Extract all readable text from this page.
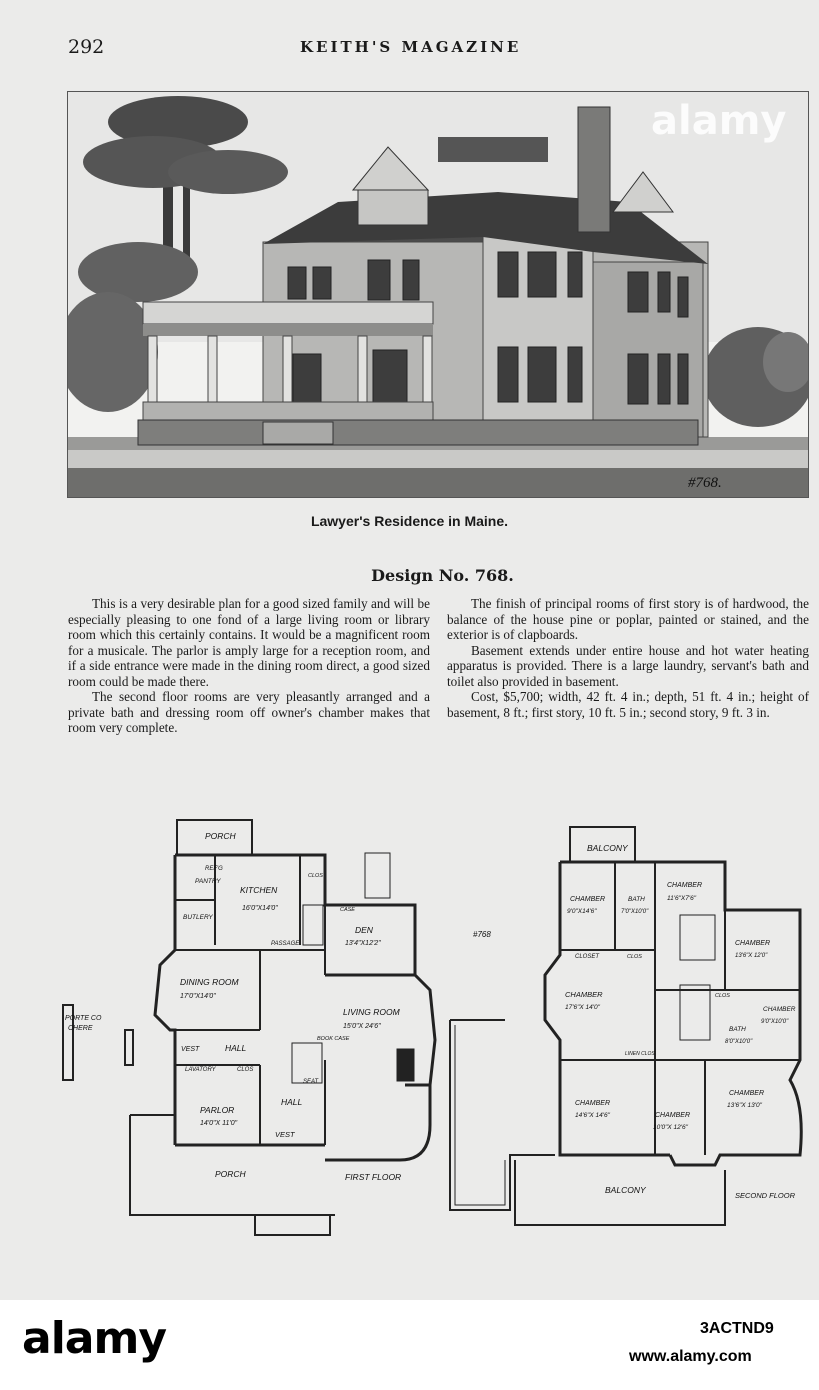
292	KEITH'S MAGAZINE
#768.
alamy
Lawyer's Residence in Maine.
Design No. 768.

This is a very desirable plan for a good sized family and will be especially pleasing to one fond of a large living room or library room which this certainly contains. It would be a magnificent room for a musicale. The parlor is amply large for a reception room, and if a side entrance were made in the dining room direct, a good sized room could be made there.

The second floor rooms are very pleasantly arranged and a private bath and dressing room off owner's chamber makes that room very complete.

The finish of principal rooms of first story is of hardwood, the balance of the house pine or poplar, painted or stained, and the exterior is of clapboards.

Basement extends under entire house and hot water heating apparatus is provided. There is a large laundry, servant's bath and toilet also provided in basement.

Cost, $5,700; width, 42 ft. 4 in.; depth, 51 ft. 4 in.; height of basement, 8 ft.; first story, 10 ft. 5 in.; second story, 9 ft. 3 in.

PORCH
REF'G
PANTRY
KITCHEN
16'0"X14'0"
CLOS
BUTLERY
PASSAGE
CASE
DEN
13'4"X12'2"
DINING ROOM
17'0"X14'0"
LIVING ROOM
15'0"X 24'6"
PORTE CO
CHERE
VEST	HALL
LAVATORY	CLOS
BOOK CASE
SEAT
PARLOR
14'0"X 11'0"
HALL
VEST
PORCH	FIRST FLOOR
#768
BALCONY
CHAMBER
9'0"X14'6"
BATH
7'0"X10'0"
CHAMBER
11'6"X7'6"
CHAMBER
13'6"X 12'0"
CLOSET	CLOS
CHAMBER
17'6"X 14'0"
CLOS
CHAMBER
9'0"X10'0"
BATH
8'0"X10'0"
LINEN CLOS
CHAMBER
14'6"X 14'6"	CHAMBER
10'0"X 12'6"
CHAMBER
13'6"X 13'0"
BALCONY
SECOND FLOOR
alamy	3ACTND9
www.alamy.com
